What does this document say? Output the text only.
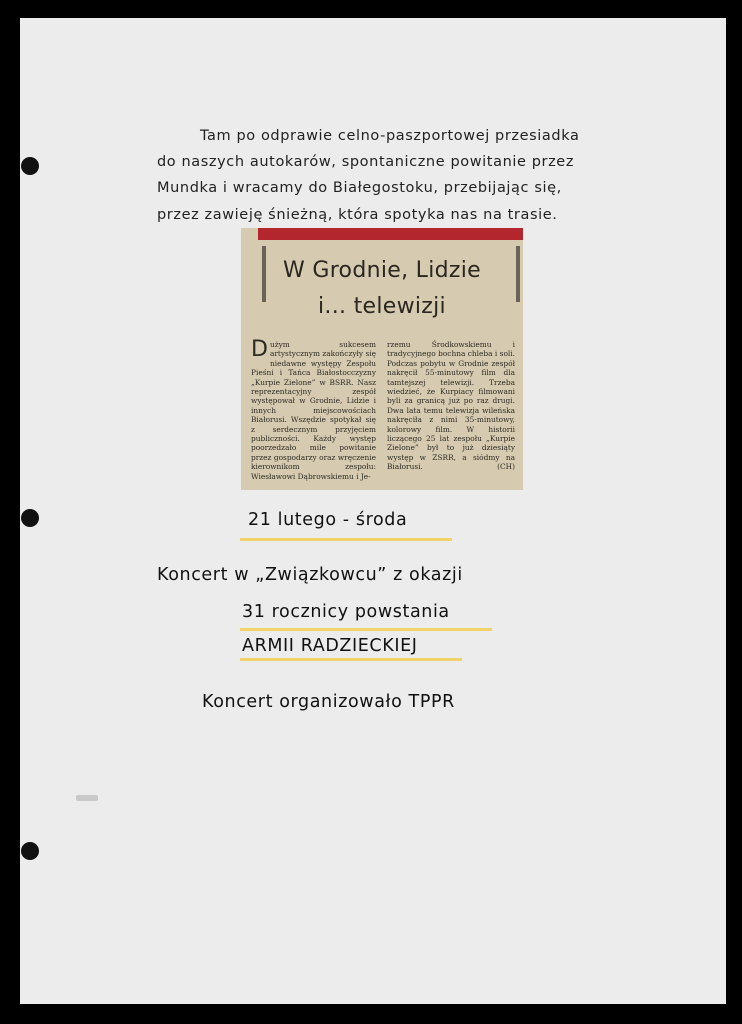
Tam po odprawie celno-paszportowej przesiadka
do naszych autokarów, spontaniczne powitanie przez
Mundka i wracamy do Białegostoku, przebijając się,
przez zawieję śnieżną, która spotyka nas na trasie.
W Grodnie, Lidzie
i... telewizji
Dużym sukcesem artystycznym zakończyły się niedawne występy Zespołu Pieśni i Tańca Białostocczyzny „Kurpie Zielone” w BSRR. Nasz reprezentacyjny zespół występował w Grodnie, Lidzie i innych miejscowościach Białorusi. Wszędzie spotykał się z serdecznym przyjęciem publiczności. Każdy występ poorzedzało mile powitanie przez gospodarzy oraz wręczenie kierownikom zespołu: Wiesławowi Dąbrowskiemu i Je-
rzemu Środkowskiemu i tradycyjnego bochna chleba i soli. Podczas pobytu w Grodnie zespół nakręcił 55-minutowy film dla tamtejszej telewizji. Trzeba wiedzieć, że Kurpiacy filmowani byli za granicą już po raz drugi. Dwa lata temu telewizja wileńska nakręciła z nimi 35-minutowy, kolorowy film. W historii liczącego 25 lat zespołu „Kurpie Zielone” był to już dziesiąty występ w ZSRR, a siódmy na Białorusi.	(CH)
21 lutego - środa
Koncert w „Związkowcu” z okazji
31 rocznicy powstania
ARMII RADZIECKIEJ
Koncert organizowało TPPR
